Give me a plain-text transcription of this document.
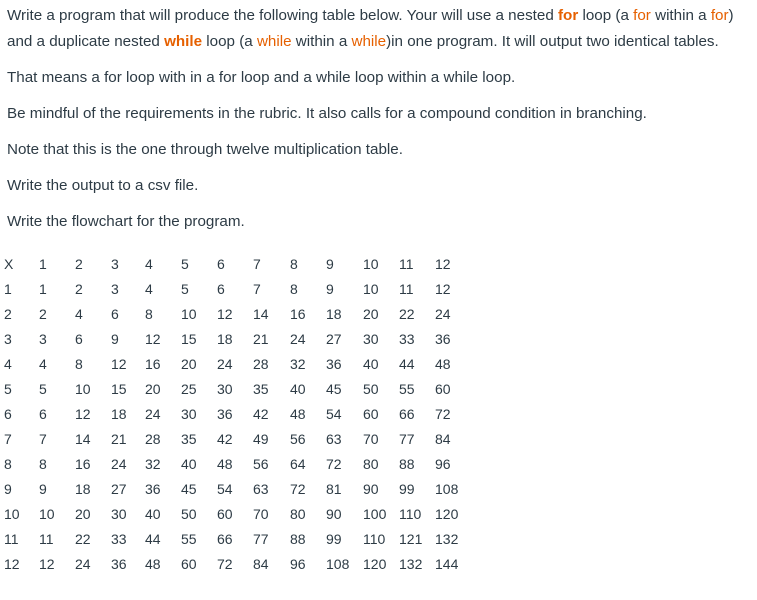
Write a program that will produce the following table below. Your will use a nested for loop (a for within a for) and a duplicate nested while loop (a while within a while)in one program. It will output two identical tables.

That means a for loop with in a for loop and a while loop within a while loop.

Be mindful of the requirements in the rubric. It also calls for a compound condition in branching.

Note that this is the one through twelve multiplication table.

Write the output to a csv file.

Write the flowchart for the program.

X	1	2	3	4	5	6	7	8	9	10	11	12
1	1	2	3	4	5	6	7	8	9	10	11	12
2	2	4	6	8	10	12	14	16	18	20	22	24
3	3	6	9	12	15	18	21	24	27	30	33	36
4	4	8	12	16	20	24	28	32	36	40	44	48
5	5	10	15	20	25	30	35	40	45	50	55	60
6	6	12	18	24	30	36	42	48	54	60	66	72
7	7	14	21	28	35	42	49	56	63	70	77	84
8	8	16	24	32	40	48	56	64	72	80	88	96
9	9	18	27	36	45	54	63	72	81	90	99	108
10	10	20	30	40	50	60	70	80	90	100	110	120
11	11	22	33	44	55	66	77	88	99	110	121	132
12	12	24	36	48	60	72	84	96	108	120	132	144
